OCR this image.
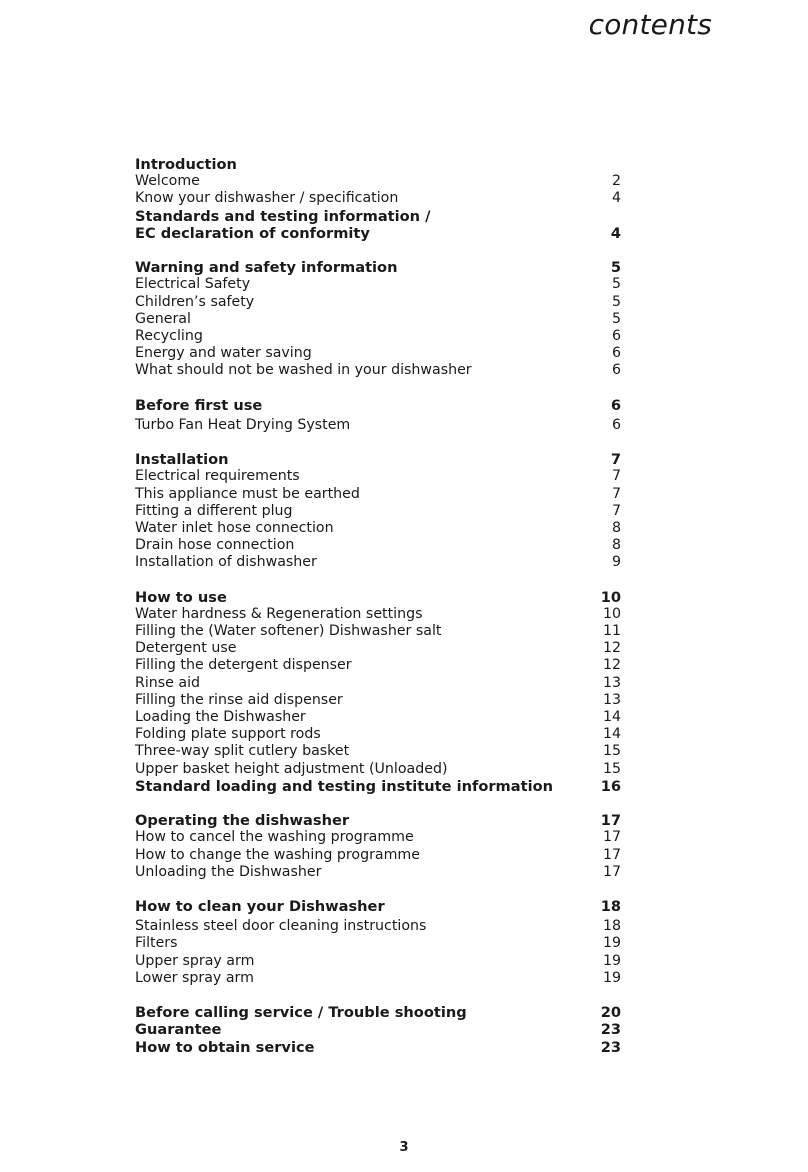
contents
Introduction
Welcome	2
Know your dishwasher / specification	4
Standards and testing information /
EC declaration of conformity	4
Warning and safety information	5
Electrical Safety	5
Children’s safety	5
General	5
Recycling	6
Energy and water saving	6
What should not be washed in your dishwasher	6
Before first use	6
Turbo Fan Heat Drying System	6
Installation	7
Electrical requirements	7
This appliance must be earthed	7
Fitting a different plug	7
Water inlet hose connection	8
Drain hose connection	8
Installation of dishwasher	9
How to use	10
Water hardness & Regeneration settings	10
Filling the (Water softener) Dishwasher salt	11
Detergent use	12
Filling the detergent dispenser	12
Rinse aid	13
Filling the rinse aid dispenser	13
Loading the Dishwasher	14
Folding plate support rods	14
Three-way split cutlery basket	15
Upper basket height adjustment (Unloaded)	15
Standard loading and testing institute information	16
Operating the dishwasher	17
How to cancel the washing programme	17
How to change the washing programme	17
Unloading the Dishwasher	17
How to clean your Dishwasher	18
Stainless steel door cleaning instructions	18
Filters	19
Upper spray arm	19
Lower spray arm	19
Before calling service / Trouble shooting	20
Guarantee	23
How to obtain service	23
3
